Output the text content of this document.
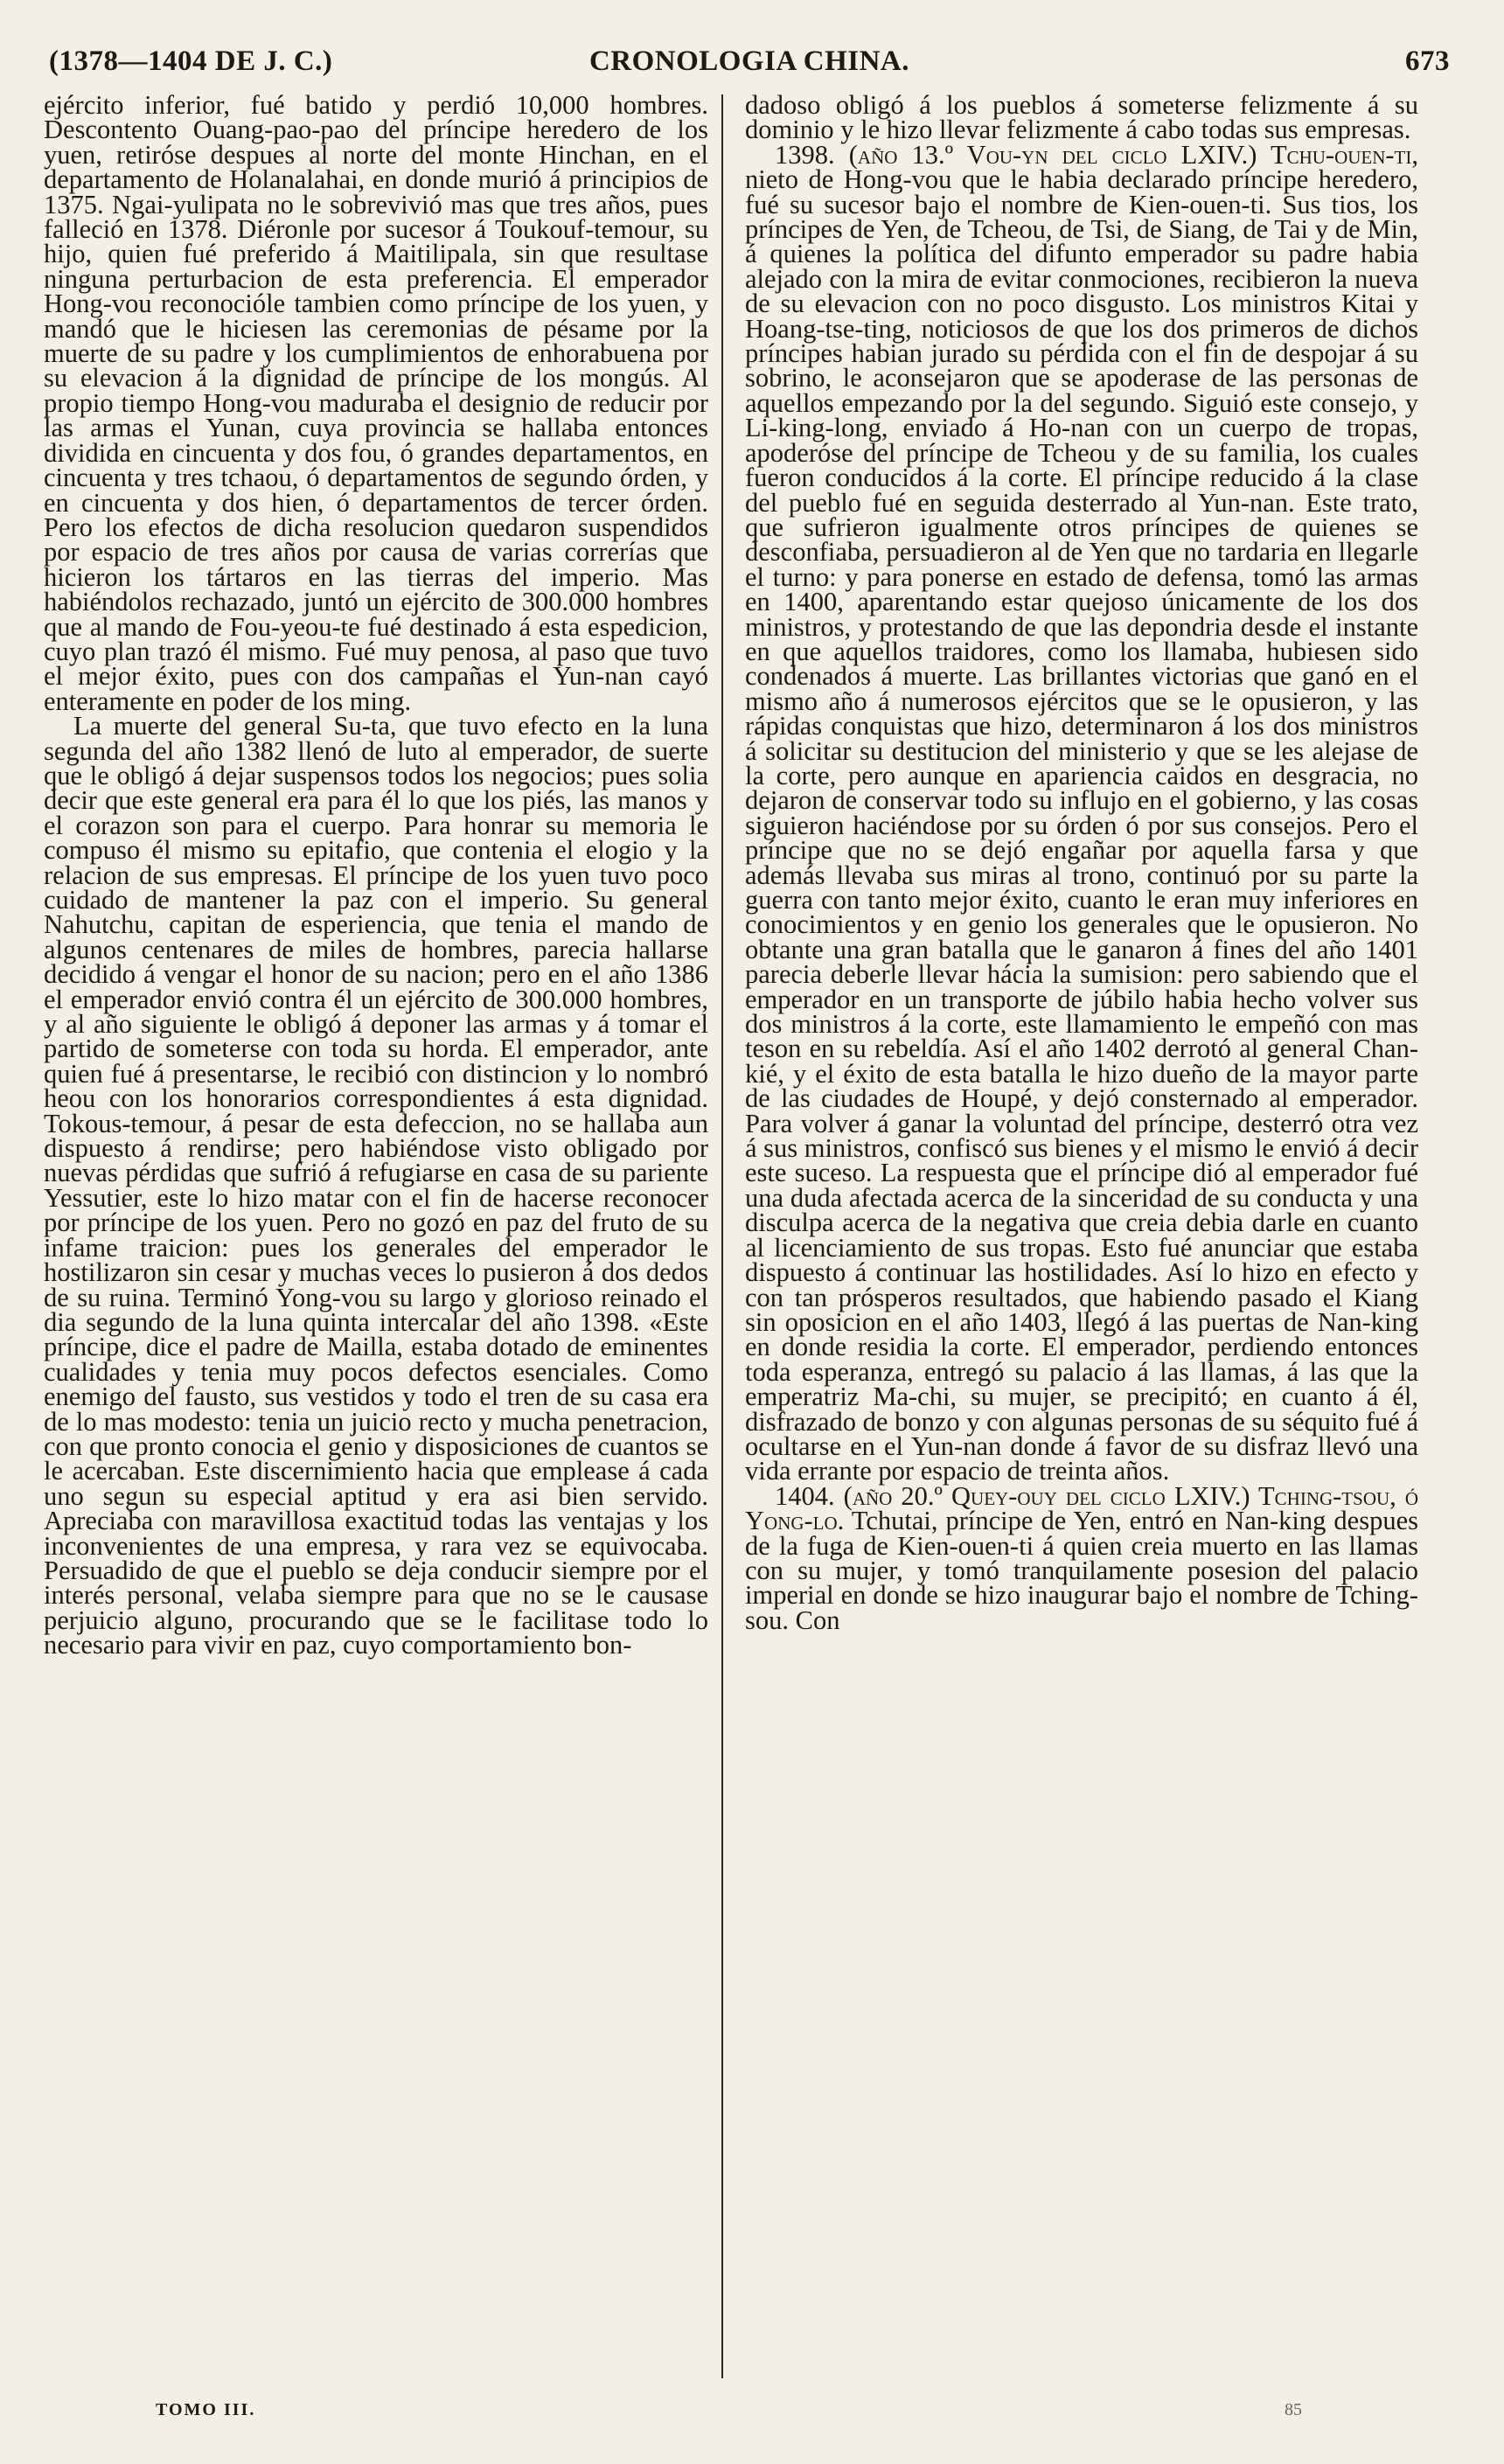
(1378—1404 DE J. C.)	CRONOLOGIA CHINA.	673

ejército inferior, fué batido y perdió 10,000 hombres. Descontento Ouang-pao-pao del príncipe heredero de los yuen, retiróse despues al norte del monte Hinchan, en el departamento de Holanalahai, en donde murió á principios de 1375. Ngai-yulipata no le sobrevivió mas que tres años, pues falleció en 1378. Diéronle por sucesor á Toukouf-temour, su hijo, quien fué preferido á Maitilipala, sin que resultase ninguna perturbacion de esta preferencia. El emperador Hong-vou reconocióle tambien como príncipe de los yuen, y mandó que le hiciesen las ceremonias de pésame por la muerte de su padre y los cumplimientos de enhorabuena por su elevacion á la dignidad de príncipe de los mongús. Al propio tiempo Hong-vou maduraba el designio de reducir por las armas el Yunan, cuya provincia se hallaba entonces dividida en cincuenta y dos fou, ó grandes departamentos, en cincuenta y tres tchaou, ó departamentos de segundo órden, y en cincuenta y dos hien, ó departamentos de tercer órden. Pero los efectos de dicha resolucion quedaron suspendidos por espacio de tres años por causa de varias correrías que hicieron los tártaros en las tierras del imperio. Mas habiéndolos rechazado, juntó un ejército de 300.000 hombres que al mando de Fou-yeou-te fué destinado á esta espedicion, cuyo plan trazó él mismo. Fué muy penosa, al paso que tuvo el mejor éxito, pues con dos campañas el Yun-nan cayó enteramente en poder de los ming.

La muerte del general Su-ta, que tuvo efecto en la luna segunda del año 1382 llenó de luto al emperador, de suerte que le obligó á dejar suspensos todos los negocios; pues solia decir que este general era para él lo que los piés, las manos y el corazon son para el cuerpo. Para honrar su memoria le compuso él mismo su epitafio, que contenia el elogio y la relacion de sus empresas. El príncipe de los yuen tuvo poco cuidado de mantener la paz con el imperio. Su general Nahutchu, capitan de esperiencia, que tenia el mando de algunos centenares de miles de hombres, parecia hallarse decidido á vengar el honor de su nacion; pero en el año 1386 el emperador envió contra él un ejército de 300.000 hombres, y al año siguiente le obligó á deponer las armas y á tomar el partido de someterse con toda su horda. El emperador, ante quien fué á presentarse, le recibió con distincion y lo nombró heou con los honorarios correspondientes á esta dignidad. Tokous-temour, á pesar de esta defeccion, no se hallaba aun dispuesto á rendirse; pero habiéndose visto obligado por nuevas pérdidas que sufrió á refugiarse en casa de su pariente Yessutier, este lo hizo matar con el fin de hacerse reconocer por príncipe de los yuen. Pero no gozó en paz del fruto de su infame traicion: pues los generales del emperador le hostilizaron sin cesar y muchas veces lo pusieron á dos dedos de su ruina. Terminó Yong-vou su largo y glorioso reinado el dia segundo de la luna quinta intercalar del año 1398. «Este príncipe, dice el padre de Mailla, estaba dotado de eminentes cualidades y tenia muy pocos defectos esenciales. Como enemigo del fausto, sus vestidos y todo el tren de su casa era de lo mas modesto: tenia un juicio recto y mucha penetracion, con que pronto conocia el genio y disposiciones de cuantos se le acercaban. Este discernimiento hacia que emplease á cada uno segun su especial aptitud y era asi bien servido. Apreciaba con maravillosa exactitud todas las ventajas y los inconvenientes de una empresa, y rara vez se equivocaba. Persuadido de que el pueblo se deja conducir siempre por el interés personal, velaba siempre para que no se le causase perjuicio alguno, procurando que se le facilitase todo lo necesario para vivir en paz, cuyo comportamiento bon-

dadoso obligó á los pueblos á someterse felizmente á su dominio y le hizo llevar felizmente á cabo todas sus empresas.

1398. (año 13.º Vou-yn del ciclo LXIV.) Tchu-ouen-ti, nieto de Hong-vou que le habia declarado príncipe heredero, fué su sucesor bajo el nombre de Kien-ouen-ti. Sus tios, los príncipes de Yen, de Tcheou, de Tsi, de Siang, de Tai y de Min, á quienes la política del difunto emperador su padre habia alejado con la mira de evitar conmociones, recibieron la nueva de su elevacion con no poco disgusto. Los ministros Kitai y Hoang-tse-ting, noticiosos de que los dos primeros de dichos príncipes habian jurado su pérdida con el fin de despojar á su sobrino, le aconsejaron que se apoderase de las personas de aquellos empezando por la del segundo. Siguió este consejo, y Li-king-long, enviado á Ho-nan con un cuerpo de tropas, apoderóse del príncipe de Tcheou y de su familia, los cuales fueron conducidos á la corte. El príncipe reducido á la clase del pueblo fué en seguida desterrado al Yun-nan. Este trato, que sufrieron igualmente otros príncipes de quienes se desconfiaba, persuadieron al de Yen que no tardaria en llegarle el turno: y para ponerse en estado de defensa, tomó las armas en 1400, aparentando estar quejoso únicamente de los dos ministros, y protestando de que las depondria desde el instante en que aquellos traidores, como los llamaba, hubiesen sido condenados á muerte. Las brillantes victorias que ganó en el mismo año á numerosos ejércitos que se le opusieron, y las rápidas conquistas que hizo, determinaron á los dos ministros á solicitar su destitucion del ministerio y que se les alejase de la corte, pero aunque en apariencia caidos en desgracia, no dejaron de conservar todo su influjo en el gobierno, y las cosas siguieron haciéndose por su órden ó por sus consejos. Pero el príncipe que no se dejó engañar por aquella farsa y que además llevaba sus miras al trono, continuó por su parte la guerra con tanto mejor éxito, cuanto le eran muy inferiores en conocimientos y en genio los generales que le opusieron. No obtante una gran batalla que le ganaron á fines del año 1401 parecia deberle llevar hácia la sumision: pero sabiendo que el emperador en un transporte de júbilo habia hecho volver sus dos ministros á la corte, este llamamiento le empeñó con mas teson en su rebeldía. Así el año 1402 derrotó al general Chan-kié, y el éxito de esta batalla le hizo dueño de la mayor parte de las ciudades de Houpé, y dejó consternado al emperador. Para volver á ganar la voluntad del príncipe, desterró otra vez á sus ministros, confiscó sus bienes y el mismo le envió á decir este suceso. La respuesta que el príncipe dió al emperador fué una duda afectada acerca de la sinceridad de su conducta y una disculpa acerca de la negativa que creia debia darle en cuanto al licenciamiento de sus tropas. Esto fué anunciar que estaba dispuesto á continuar las hostilidades. Así lo hizo en efecto y con tan prósperos resultados, que habiendo pasado el Kiang sin oposicion en el año 1403, llegó á las puertas de Nan-king en donde residia la corte. El emperador, perdiendo entonces toda esperanza, entregó su palacio á las llamas, á las que la emperatriz Ma-chi, su mujer, se precipitó; en cuanto á él, disfrazado de bonzo y con algunas personas de su séquito fué á ocultarse en el Yun-nan donde á favor de su disfraz llevó una vida errante por espacio de treinta años.

1404. (año 20.º Quey-ouy del ciclo LXIV.) Tching-tsou, ó Yong-lo. Tchutai, príncipe de Yen, entró en Nan-king despues de la fuga de Kien-ouen-ti á quien creia muerto en las llamas con su mujer, y tomó tranquilamente posesion del palacio imperial en donde se hizo inaugurar bajo el nombre de Tching-sou. Con

TOMO III.	85
